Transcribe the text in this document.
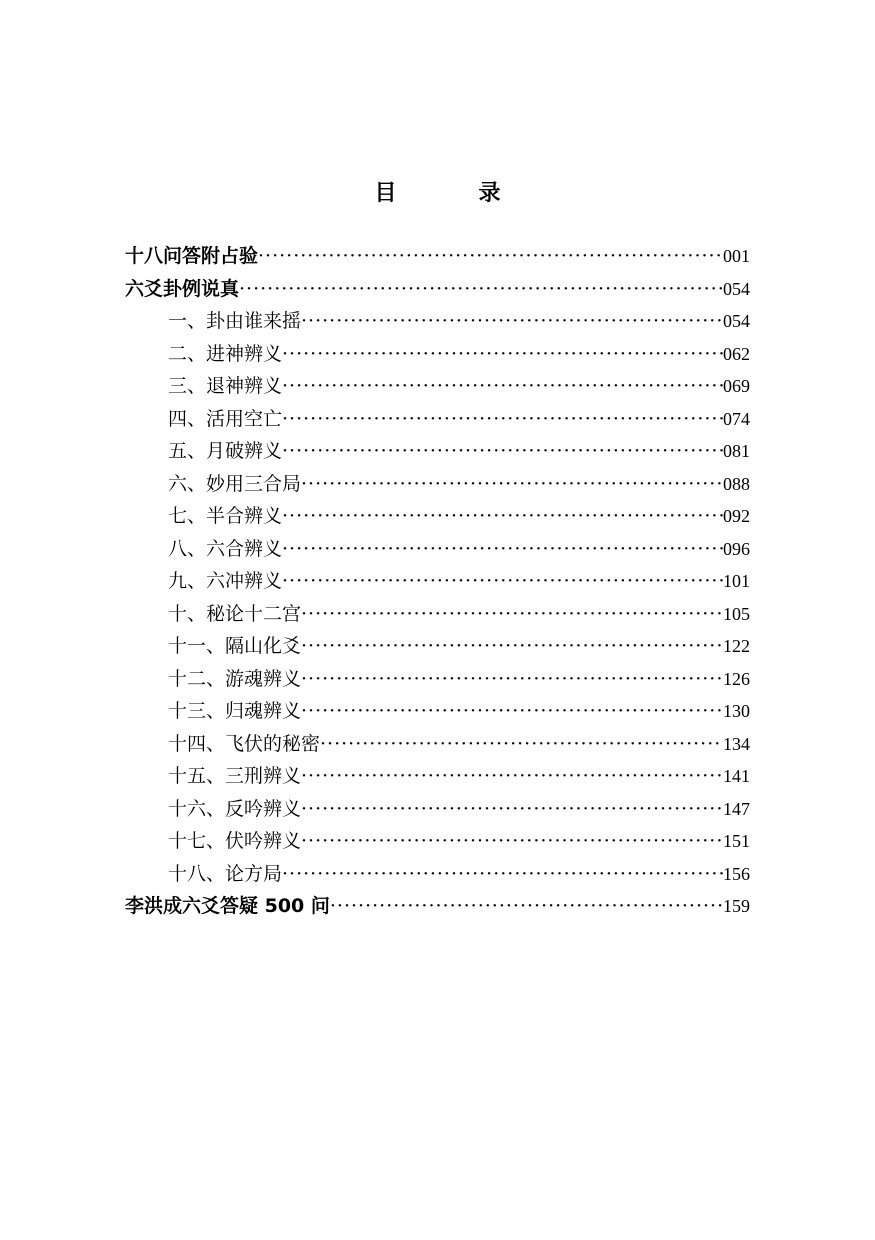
目　录
十八问答附占验 ·····	001
六爻卦例说真 ·····	054
一、卦由谁来摇 ·····	054
二、进神辨义 ·····	062
三、退神辨义 ·····	069
四、活用空亡 ·····	074
五、月破辨义 ·····	081
六、妙用三合局 ·····	088
七、半合辨义 ·····	092
八、六合辨义 ·····	096
九、六冲辨义 ·····	101
十、秘论十二宫 ·····	105
十一、隔山化爻 ·····	122
十二、游魂辨义 ·····	126
十三、归魂辨义 ·····	130
十四、飞伏的秘密 ·····	134
十五、三刑辨义 ·····	141
十六、反吟辨义 ·····	147
十七、伏吟辨义 ·····	151
十八、论方局 ·····	156
李洪成六爻答疑 500 问 ·····	159
